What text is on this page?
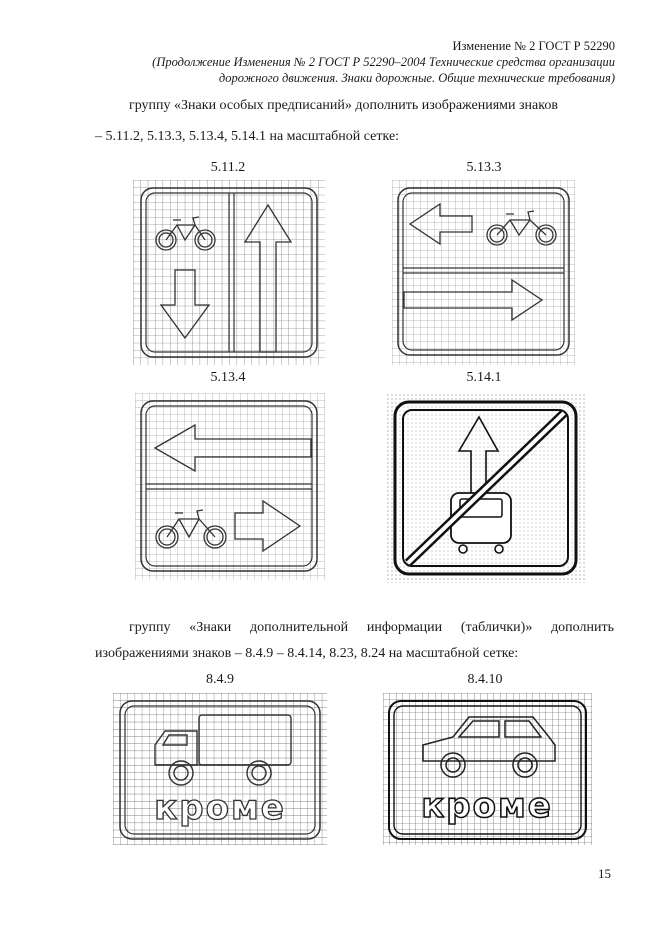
Изменение № 2 ГОСТ Р 52290
(Продолжение Изменения № 2 ГОСТ Р 52290–2004 Технические средства организации
дорожного движения. Знаки дорожные. Общие технические требования)
группу «Знаки особых предписаний» дополнить изображениями знаков
– 5.11.2, 5.13.3, 5.13.4, 5.14.1 на масштабной сетке:
5.11.2	5.13.3
5.13.4	5.14.1
группу «Знаки дополнительной информации (таблички)» дополнить
изображениями знаков – 8.4.9 – 8.4.14, 8.23, 8.24 на масштабной сетке:
8.4.9	8.4.10
кроме	кроме
15
